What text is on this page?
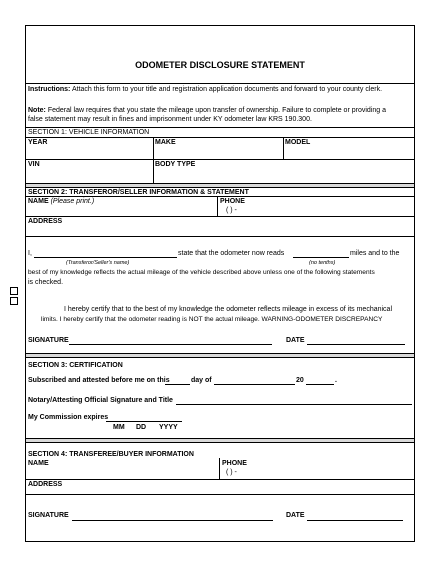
ODOMETER DISCLOSURE STATEMENT
Instructions: Attach this form to your title and registration application documents and forward to your county clerk.
Note: Federal law requires that you state the mileage upon transfer of ownership. Failure to complete or providing a
false statement may result in fines and imprisonment under KY odometer law KRS 190.300.
SECTION 1: VEHICLE INFORMATION
YEAR	MAKE	MODEL
VIN	BODY TYPE
SECTION 2: TRANSFEROR/SELLER INFORMATION & STATEMENT
NAME (Please print.)	PHONE
( ) -
ADDRESS
I,	state that the odometer now reads	miles and to the
(Transferor/Seller's name)	(no tenths)
best of my knowledge reflects the actual mileage of the vehicle described above unless one of the following statements
is checked.
I hereby certify that to the best of my knowledge the odometer reflects mileage in excess of its mechanical
limits. I hereby certify that the odometer reading is NOT the actual mileage. WARNING-ODOMETER DISCREPANCY
SIGNATURE	DATE
SECTION 3: CERTIFICATION
Subscribed and attested before me on this	day of	20	.
Notary/Attesting Official Signature and Title
My Commission expires
MM DD YYYY
SECTION 4: TRANSFEREE/BUYER INFORMATION
NAME	PHONE
( ) -
ADDRESS
SIGNATURE	DATE
